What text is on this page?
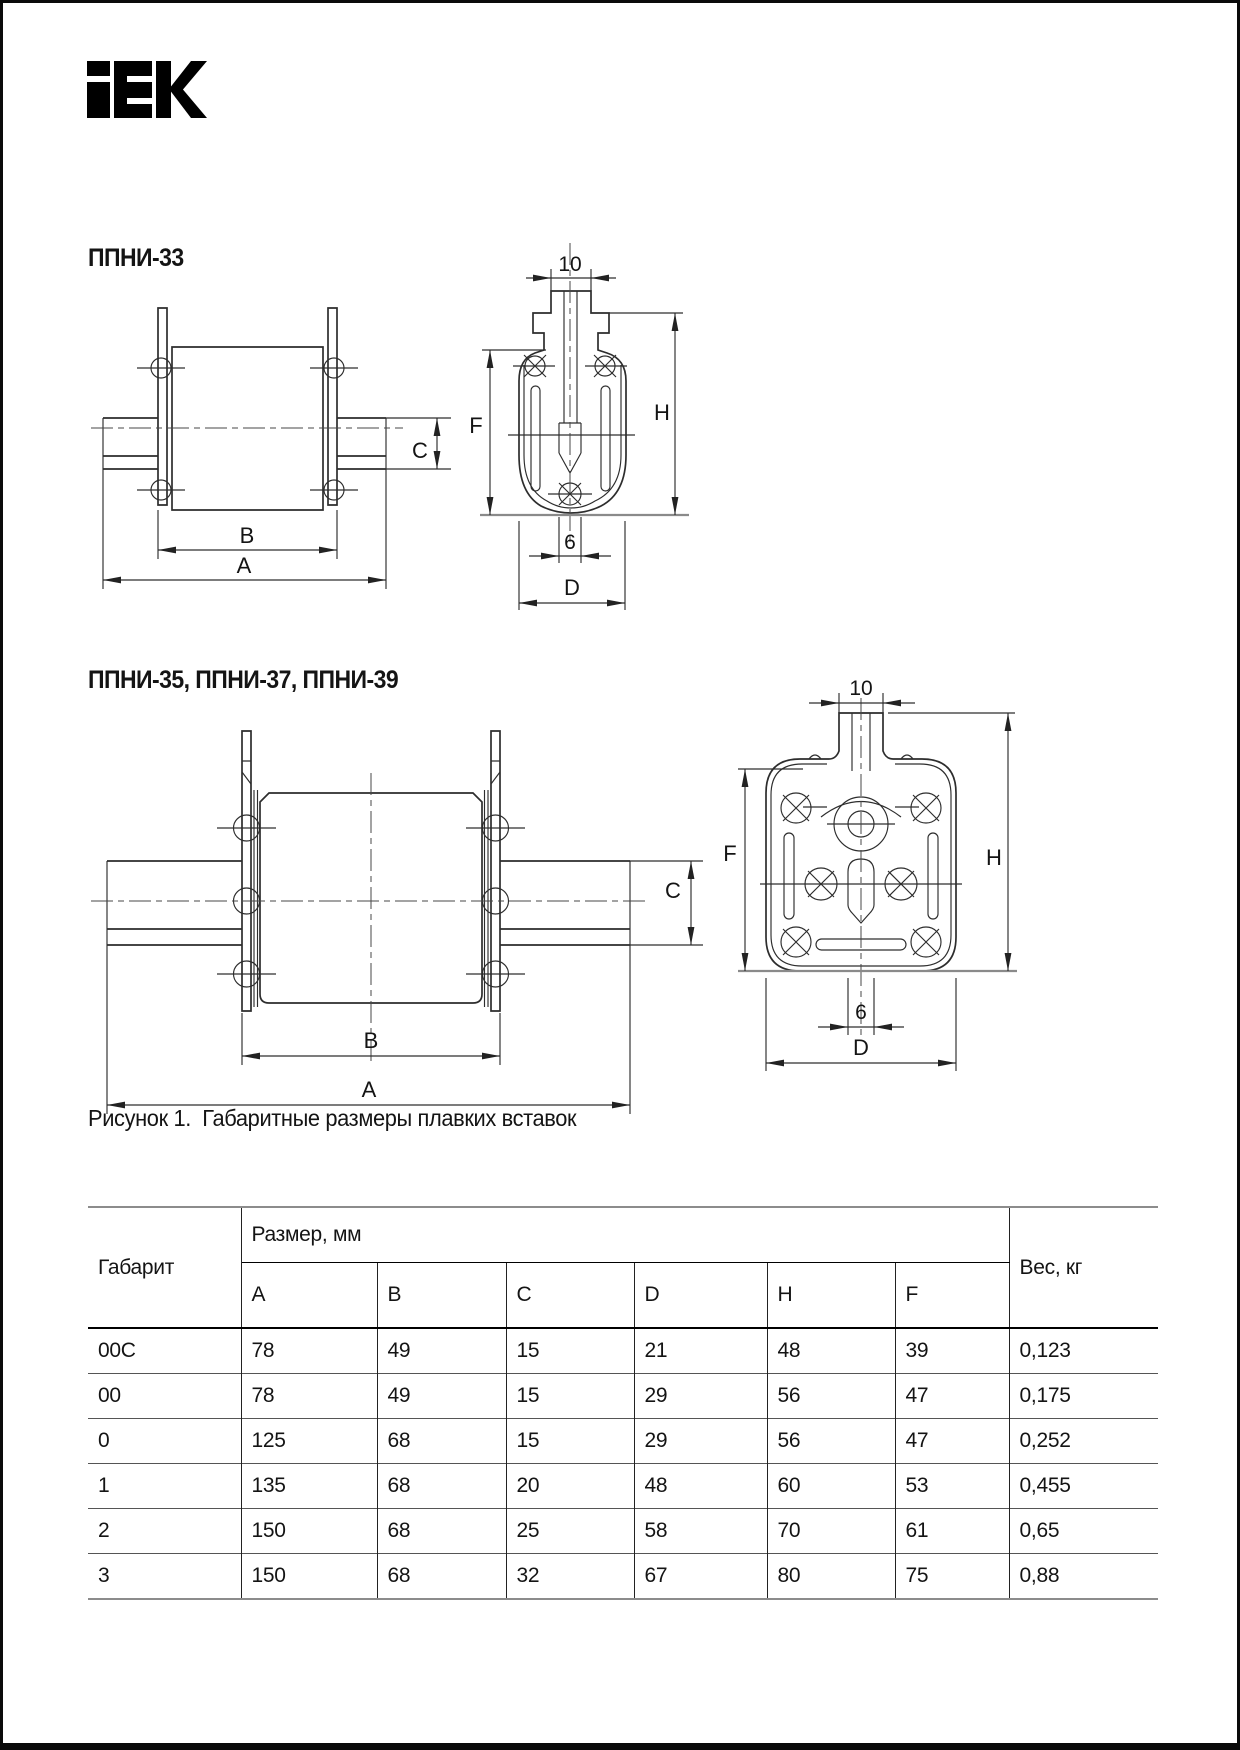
C
B
A
10
H
F
6
D
C
B
A
10
H
F
6
D
ППНИ-33
ППНИ-35, ППНИ-37, ППНИ-39
Рисунок 1.  Габаритные размеры плавких вставок
Габарит	Размер, мм						Вес, кг
	A	B	C	D	H	F	
00C	78	49	15	21	48	39	0,123
00	78	49	15	29	56	47	0,175
0	125	68	15	29	56	47	0,252
1	135	68	20	48	60	53	0,455
2	150	68	25	58	70	61	0,65
3	150	68	32	67	80	75	0,88
